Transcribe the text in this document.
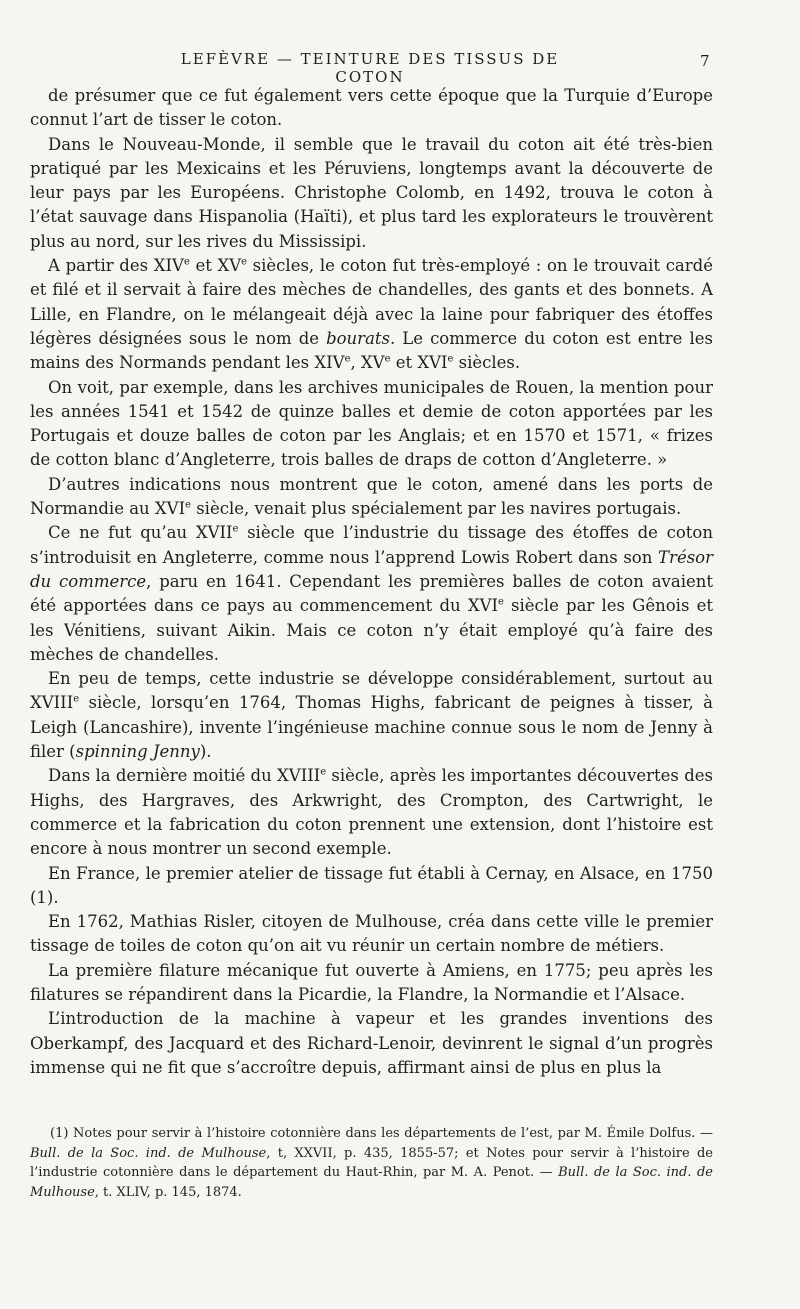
LEFÈVRE — TEINTURE DES TISSUS DE COTON
7

de présumer que ce fut également vers cette époque que la Turquie d’Europe connut l’art de tisser le coton.

Dans le Nouveau-Monde, il semble que le travail du coton ait été très-bien pratiqué par les Mexicains et les Péruviens, longtemps avant la découverte de leur pays par les Européens. Christophe Colomb, en 1492, trouva le coton à l’état sauvage dans Hispanolia (Haïti), et plus tard les explorateurs le trouvèrent plus au nord, sur les rives du Mississipi.

A partir des XIVe et XVe siècles, le coton fut très-employé : on le trouvait cardé et filé et il servait à faire des mèches de chandelles, des gants et des bonnets. A Lille, en Flandre, on le mélangeait déjà avec la laine pour fabriquer des étoffes légères désignées sous le nom de bourats. Le commerce du coton est entre les mains des Normands pendant les XIVe, XVe et XVIe siècles.

On voit, par exemple, dans les archives municipales de Rouen, la mention pour les années 1541 et 1542 de quinze balles et demie de coton apportées par les Portugais et douze balles de coton par les Anglais; et en 1570 et 1571, « frizes de cotton blanc d’Angleterre, trois balles de draps de cotton d’Angleterre. »

D’autres indications nous montrent que le coton, amené dans les ports de Normandie au XVIe siècle, venait plus spécialement par les navires portugais.

Ce ne fut qu’au XVIIe siècle que l’industrie du tissage des étoffes de coton s’introduisit en Angleterre, comme nous l’apprend Lowis Robert dans son Trésor du commerce, paru en 1641. Cependant les premières balles de coton avaient été apportées dans ce pays au commencement du XVIe siècle par les Gênois et les Vénitiens, suivant Aikin. Mais ce coton n’y était employé qu’à faire des mèches de chandelles.

En peu de temps, cette industrie se développe considérablement, surtout au XVIIIe siècle, lorsqu’en 1764, Thomas Highs, fabricant de peignes à tisser, à Leigh (Lancashire), invente l’ingénieuse machine connue sous le nom de Jenny à filer (spinning Jenny).

Dans la dernière moitié du XVIIIe siècle, après les importantes découvertes des Highs, des Hargraves, des Arkwright, des Crompton, des Cartwright, le commerce et la fabrication du coton prennent une extension, dont l’histoire est encore à nous montrer un second exemple.

En France, le premier atelier de tissage fut établi à Cernay, en Alsace, en 1750 (1).

En 1762, Mathias Risler, citoyen de Mulhouse, créa dans cette ville le premier tissage de toiles de coton qu’on ait vu réunir un certain nombre de métiers.

La première filature mécanique fut ouverte à Amiens, en 1775; peu après les filatures se répandirent dans la Picardie, la Flandre, la Normandie et l’Alsace.

L’introduction de la machine à vapeur et les grandes inventions des Oberkampf, des Jacquard et des Richard-Lenoir, devinrent le signal d’un progrès immense qui ne fit que s’accroître depuis, affirmant ainsi de plus en plus la

(1) Notes pour servir à l’histoire cotonnière dans les départements de l’est, par M. Émile Dolfus. — Bull. de la Soc. ind. de Mulhouse, t, XXVII, p. 435, 1855-57; et Notes pour servir à l’histoire de l’industrie cotonnière dans le département du Haut-Rhin, par M. A. Penot. — Bull. de la Soc. ind. de Mulhouse, t. XLIV, p. 145, 1874.
